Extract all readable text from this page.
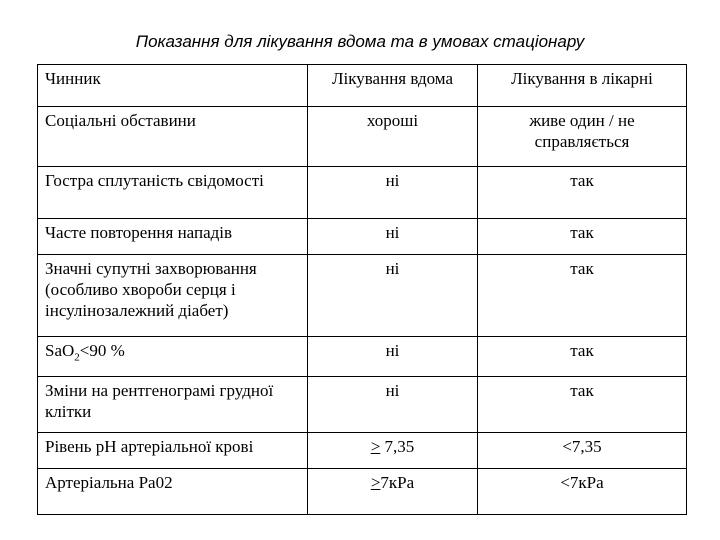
Показання для лікування вдома та в умовах стаціонару
Чинник	Лікування вдома	Лікування в лікарні
Соціальні обставини	хороші	живе один / не справляється
Гостра сплутаність свідомості	ні	так
Часте повторення нападів	ні	так
Значні супутні захворювання (особливо хвороби серця і інсулінозалежний діабет)	ні	так
SaO$_2$<90 %	ні	так
Зміни на рентгенограмі грудної клітки	ні	так
Рівень pH артеріальної крові	≥ 7,35	<7,35
Артеріальна Pa02	≥7кPa	<7кPa
